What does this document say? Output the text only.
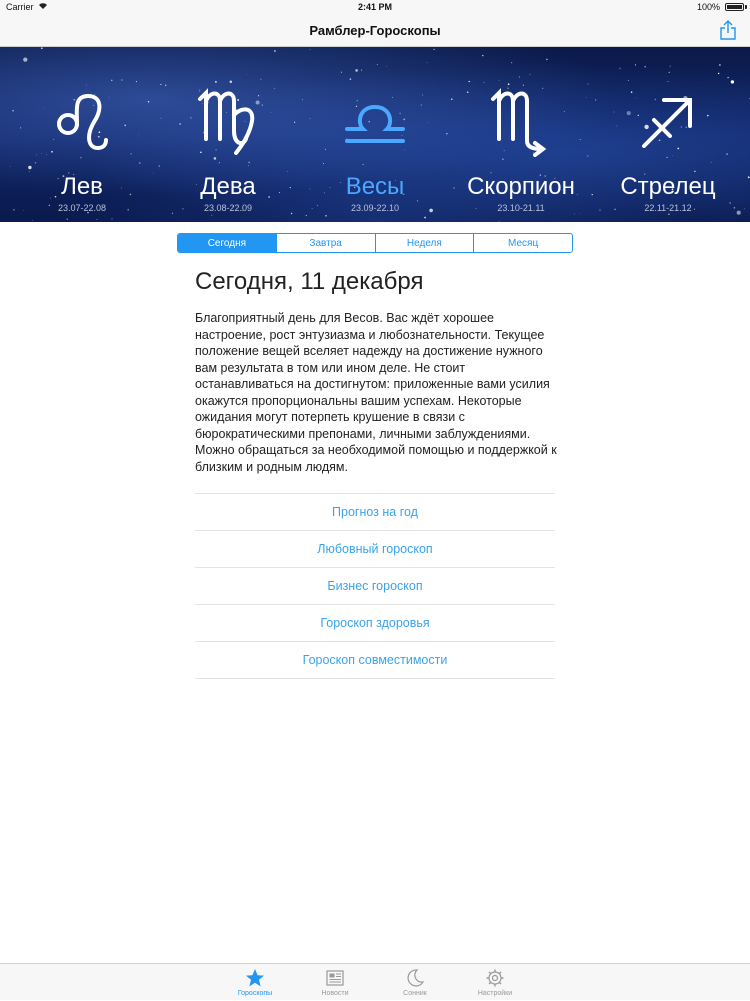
Carrier	2:41 PM	100%
Рамблер-Гороскопы
Лев
23.07-22.08
Дева
23.08-22.09
Весы
23.09-22.10
Скорпион
23.10-21.11
Стрелец
22.11-21.12
Сегодня	Завтра	Неделя	Месяц
Сегодня, 11 декабря
Благоприятный день для Весов. Вас ждёт хорошее настроение, рост энтузиазма и любознательности. Текущее положение вещей вселяет надежду на достижение нужного вам результата в том или ином деле. Не стоит останавливаться на достигнутом: приложенные вами усилия окажутся пропорциональны вашим успехам. Некоторые ожидания могут потерпеть крушение в связи с бюрократическими препонами, личными заблуждениями. Можно обращаться за необходимой помощью и поддержкой к близким и родным людям.
Прогноз на год
Любовный гороскоп
Бизнес гороскоп
Гороскоп здоровья
Гороскоп совместимости
Гороскопы	Новости	Сонник	Настройки
